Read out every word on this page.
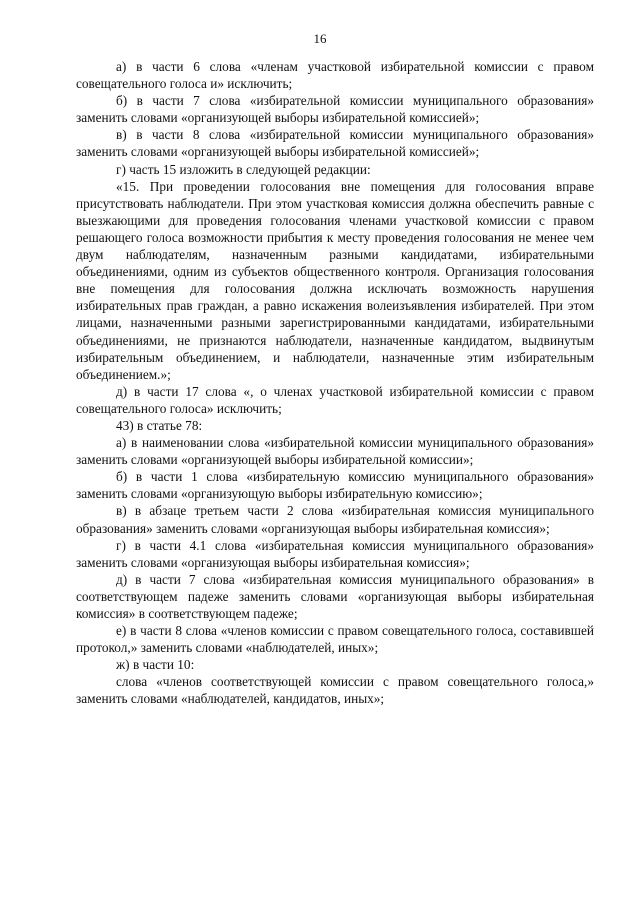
16

а) в части 6 слова «членам участковой избирательной комиссии с правом совещательного голоса и» исключить;

б) в части 7 слова «избирательной комиссии муниципального образования» заменить словами «организующей выборы избирательной комиссией»;

в) в части 8 слова «избирательной комиссии муниципального образования» заменить словами «организующей выборы избирательной комиссией»;

г) часть 15 изложить в следующей редакции:

«15. При проведении голосования вне помещения для голосования вправе присутствовать наблюдатели. При этом участковая комиссия должна обеспечить равные с выезжающими для проведения голосования членами участковой комиссии с правом решающего голоса возможности прибытия к месту проведения голосования не менее чем двум наблюдателям, назначенным разными кандидатами, избирательными объединениями, одним из субъектов общественного контроля. Организация голосования вне помещения для голосования должна исключать возможность нарушения избирательных прав граждан, а равно искажения волеизъявления избирателей. При этом лицами, назначенными разными зарегистрированными кандидатами, избирательными объединениями, не признаются наблюдатели, назначенные кандидатом, выдвинутым избирательным объединением, и наблюдатели, назначенные этим избирательным объединением.»;

д) в части 17 слова «, о членах участковой избирательной комиссии с правом совещательного голоса» исключить;

43) в статье 78:

а) в наименовании слова «избирательной комиссии муниципального образования» заменить словами «организующей выборы избирательной комиссии»;

б) в части 1 слова «избирательную комиссию муниципального образования» заменить словами «организующую выборы избирательную комиссию»;

в) в абзаце третьем части 2 слова «избирательная комиссия муниципального образования» заменить словами «организующая выборы избирательная комиссия»;

г) в части 4.1 слова «избирательная комиссия муниципального образования» заменить словами «организующая выборы избирательная комиссия»;

д) в части 7 слова «избирательная комиссия муниципального образования» в соответствующем падеже заменить словами «организующая выборы избирательная комиссия» в соответствующем падеже;

е) в части 8 слова «членов комиссии с правом совещательного голоса, составившей протокол,» заменить словами «наблюдателей, иных»;

ж) в части 10:

слова «членов соответствующей комиссии с правом совещательного голоса,» заменить словами «наблюдателей, кандидатов, иных»;
